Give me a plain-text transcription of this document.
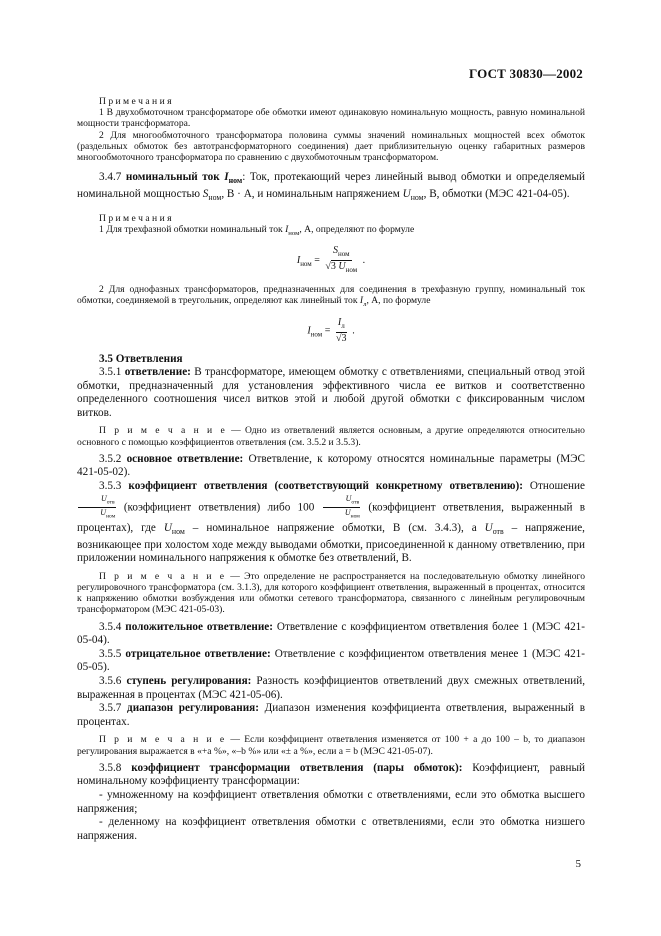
ГОСТ 30830—2002

П р и м е ч а н и я

1 В двухобмоточном трансформаторе обе обмотки имеют одинаковую номинальную мощность, равную номинальной мощности трансформатора.

2 Для многообмоточного трансформатора половина суммы значений номинальных мощностей всех обмоток (раздельных обмоток без автотрансформаторного соединения) дает приблизительную оценку габаритных размеров многообмоточного трансформатора по сравнению с двухобмоточным трансформатором.

3.4.7 номинальный ток $I_{ном}$: Ток, протекающий через линейный вывод обмотки и определяемый номинальной мощностью $S_{ном}$, В · А, и номинальным напряжением $U_{ном}$, В, обмотки (МЭС 421-04-05).

П р и м е ч а н и я

1 Для трехфазной обмотки номинальный ток $I_{ном}$, А, определяют по формуле

$I_{ном} = \frac{S_{ном}}{√3 U_{ном}}$ .

2 Для однофазных трансформаторов, предназначенных для соединения в трехфазную группу, номинальный ток обмотки, соединяемой в треугольник, определяют как линейный ток $I_л$, А, по формуле

$I_{ном} = \frac{I_л}{√3}$ .

3.5 Ответвления

3.5.1 ответвление: В трансформаторе, имеющем обмотку с ответвлениями, специальный отвод этой обмотки, предназначенный для установления эффективного числа ее витков и соответственно определенного соотношения чисел витков этой и любой другой обмотки с фиксированным числом витков.

П р и м е ч а н и е — Одно из ответвлений является основным, а другие определяются относительно основного с помощью коэффициентов ответвления (см. 3.5.2 и 3.5.3).

3.5.2 основное ответвление: Ответвление, к которому относятся номинальные параметры (МЭС 421-05-02).

3.5.3 коэффициент ответвления (соответствующий конкретному ответвлению): Отношение
$U_{отв}$
$U_{ном}$
(коэффициент ответвления) либо 100
$U_{отв}$
$U_{ном}$
(коэффициент ответвления, выраженный в процентах), где $U_{ном}$ – номинальное напряжение обмотки, В (см. 3.4.3), а $U_{отв}$ – напряжение, возникающее при холостом ходе между выводами обмотки, присоединенной к данному ответвлению, при приложении номинального напряжения к обмотке без ответвлений, В.

П р и м е ч а н и е — Это определение не распространяется на последовательную обмотку линейного регулировочного трансформатора (см. 3.1.3), для которого коэффициент ответвления, выраженный в процентах, относится к напряжению обмотки возбуждения или обмотки сетевого трансформатора, связанного с линейным регулировочным трансформатором (МЭС 421-05-03).

3.5.4 положительное ответвление: Ответвление с коэффициентом ответвления более 1 (МЭС 421-05-04).

3.5.5 отрицательное ответвление: Ответвление с коэффициентом ответвления менее 1 (МЭС 421-05-05).

3.5.6 ступень регулирования: Разность коэффициентов ответвлений двух смежных ответвлений, выраженная в процентах (МЭС 421-05-06).

3.5.7 диапазон регулирования: Диапазон изменения коэффициента ответвления, выраженный в процентах.

П р и м е ч а н и е — Если коэффициент ответвления изменяется от 100 + a до 100 – b, то диапазон регулирования выражается в «+a %», «–b %» или «± a %», если a = b (МЭС 421-05-07).

3.5.8 коэффициент трансформации ответвления (пары обмоток): Коэффициент, равный номинальному коэффициенту трансформации:

- умноженному на коэффициент ответвления обмотки с ответвлениями, если это обмотка высшего напряжения;

- деленному на коэффициент ответвления обмотки с ответвлениями, если это обмотка низшего напряжения.

5
